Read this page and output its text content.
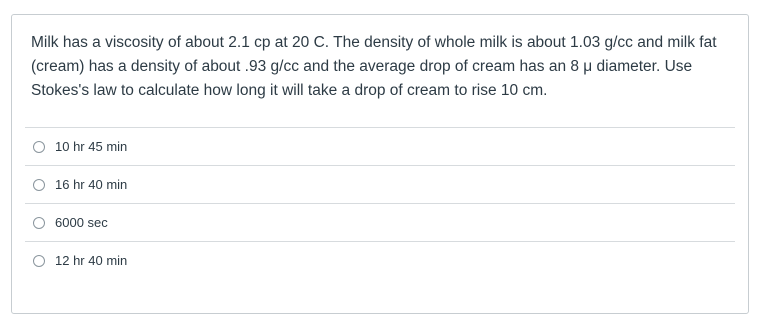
Milk has a viscosity of about 2.1 cp at 20 C. The density of whole milk is about 1.03 g/cc and milk fat (cream) has a density of about .93 g/cc and the average drop of cream has an 8 μ diameter. Use Stokes's law to calculate how long it will take a drop of cream to rise 10 cm.

10 hr 45 min
16 hr 40 min
6000 sec
12 hr 40 min
